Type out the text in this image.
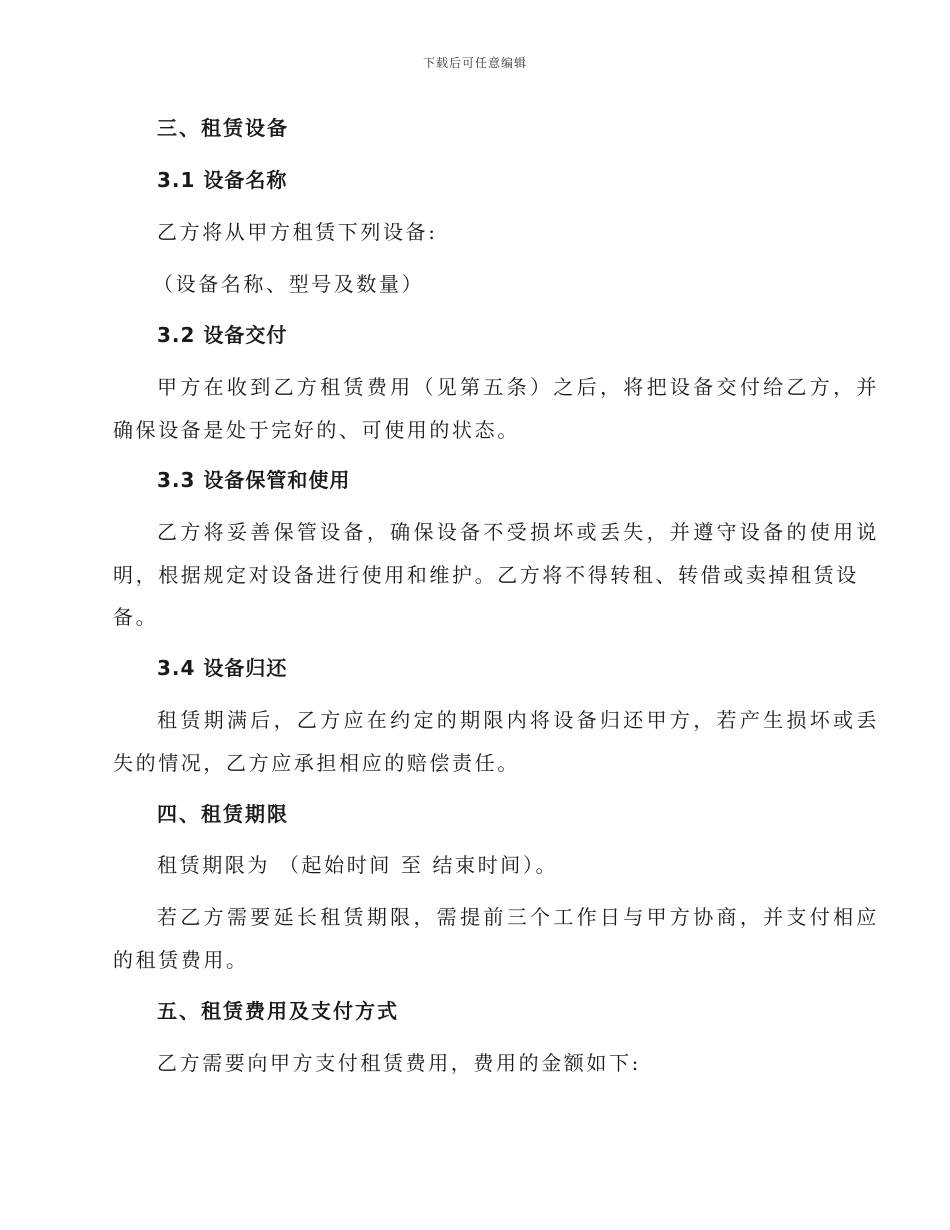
下载后可任意编辑
三、租赁设备
3.1 设备名称
乙方将从甲方租赁下列设备:
（设备名称、型号及数量）
3.2 设备交付
甲方在收到乙方租赁费用（见第五条）之后，将把设备交付给乙方，并
确保设备是处于完好的、可使用的状态。
3.3 设备保管和使用
乙方将妥善保管设备，确保设备不受损坏或丢失，并遵守设备的使用说
明，根据规定对设备进行使用和维护。乙方将不得转租、转借或卖掉租赁设
备。
3.4 设备归还
租赁期满后，乙方应在约定的期限内将设备归还甲方，若产生损坏或丢
失的情况，乙方应承担相应的赔偿责任。
四、租赁期限
租赁期限为 （起始时间 至 结束时间）。
若乙方需要延长租赁期限，需提前三个工作日与甲方协商，并支付相应
的租赁费用。
五、租赁费用及支付方式
乙方需要向甲方支付租赁费用，费用的金额如下:
